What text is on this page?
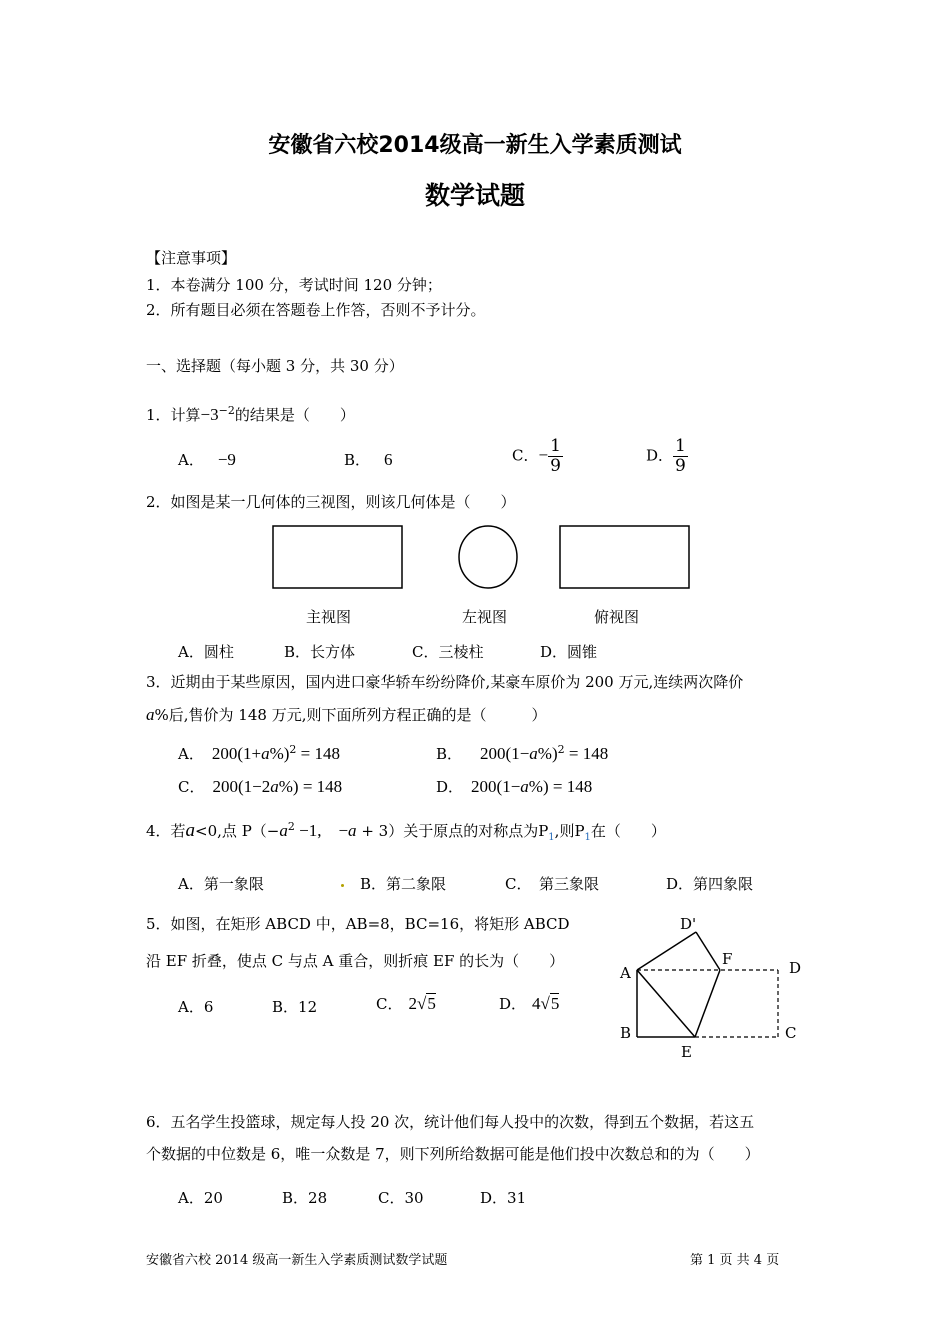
安徽省六校2014级高一新生入学素质测试
数学试题
【注意事项】
1．本卷满分 100 分，考试时间 120 分钟；
2．所有题目必须在答题卷上作答，否则不予计分。
一、选择题（每小题 3 分，共 30 分）
1．计算$-3^{-2}$的结果是（　　）
A． −9	B． 6	C．− $\frac{1}{9}$	D． $\frac{1}{9}$
2．如图是某一几何体的三视图，则该几何体是（　　）
主视图	左视图	俯视图
A．圆柱	B．长方体	C．三棱柱	D．圆锥
3．近期由于某些原因，国内进口豪华轿车纷纷降价,某豪车原价为 200 万元,连续两次降价
a%后,售价为 148 万元,则下面所列方程正确的是（　　　）
A． $200(1+a\%)^2 = 148$	B． $200(1-a\%)^2 = 148$
C． 200(1−2a%) = 148	D． 200(1−a%) = 148
4．若a<0,点 $P(-a^2 -1$,　−a + 3）关于原点的对称点为$P_1$,则$P_1$在（　　）
A．第一象限	B．第二象限	C．　第三象限	D．第四象限
5．如图，在矩形 ABCD 中，AB=8，BC=16，将矩形 ABCD
沿 EF 折叠，使点 C 与点 A 重合，则折痕 EF 的长为（　　）
A．6	B．12	C． 2√5	D． 4√5
D'
F	D
A
B	C
E
6．五名学生投篮球，规定每人投 20 次，统计他们每人投中的次数，得到五个数据，若这五
个数据的中位数是 6，唯一众数是 7，则下列所给数据可能是他们投中次数总和的为（　　）
A．20	B．28	C．30	D．31
安徽省六校 2014 级高一新生入学素质测试数学试题	第 1 页 共 4 页
